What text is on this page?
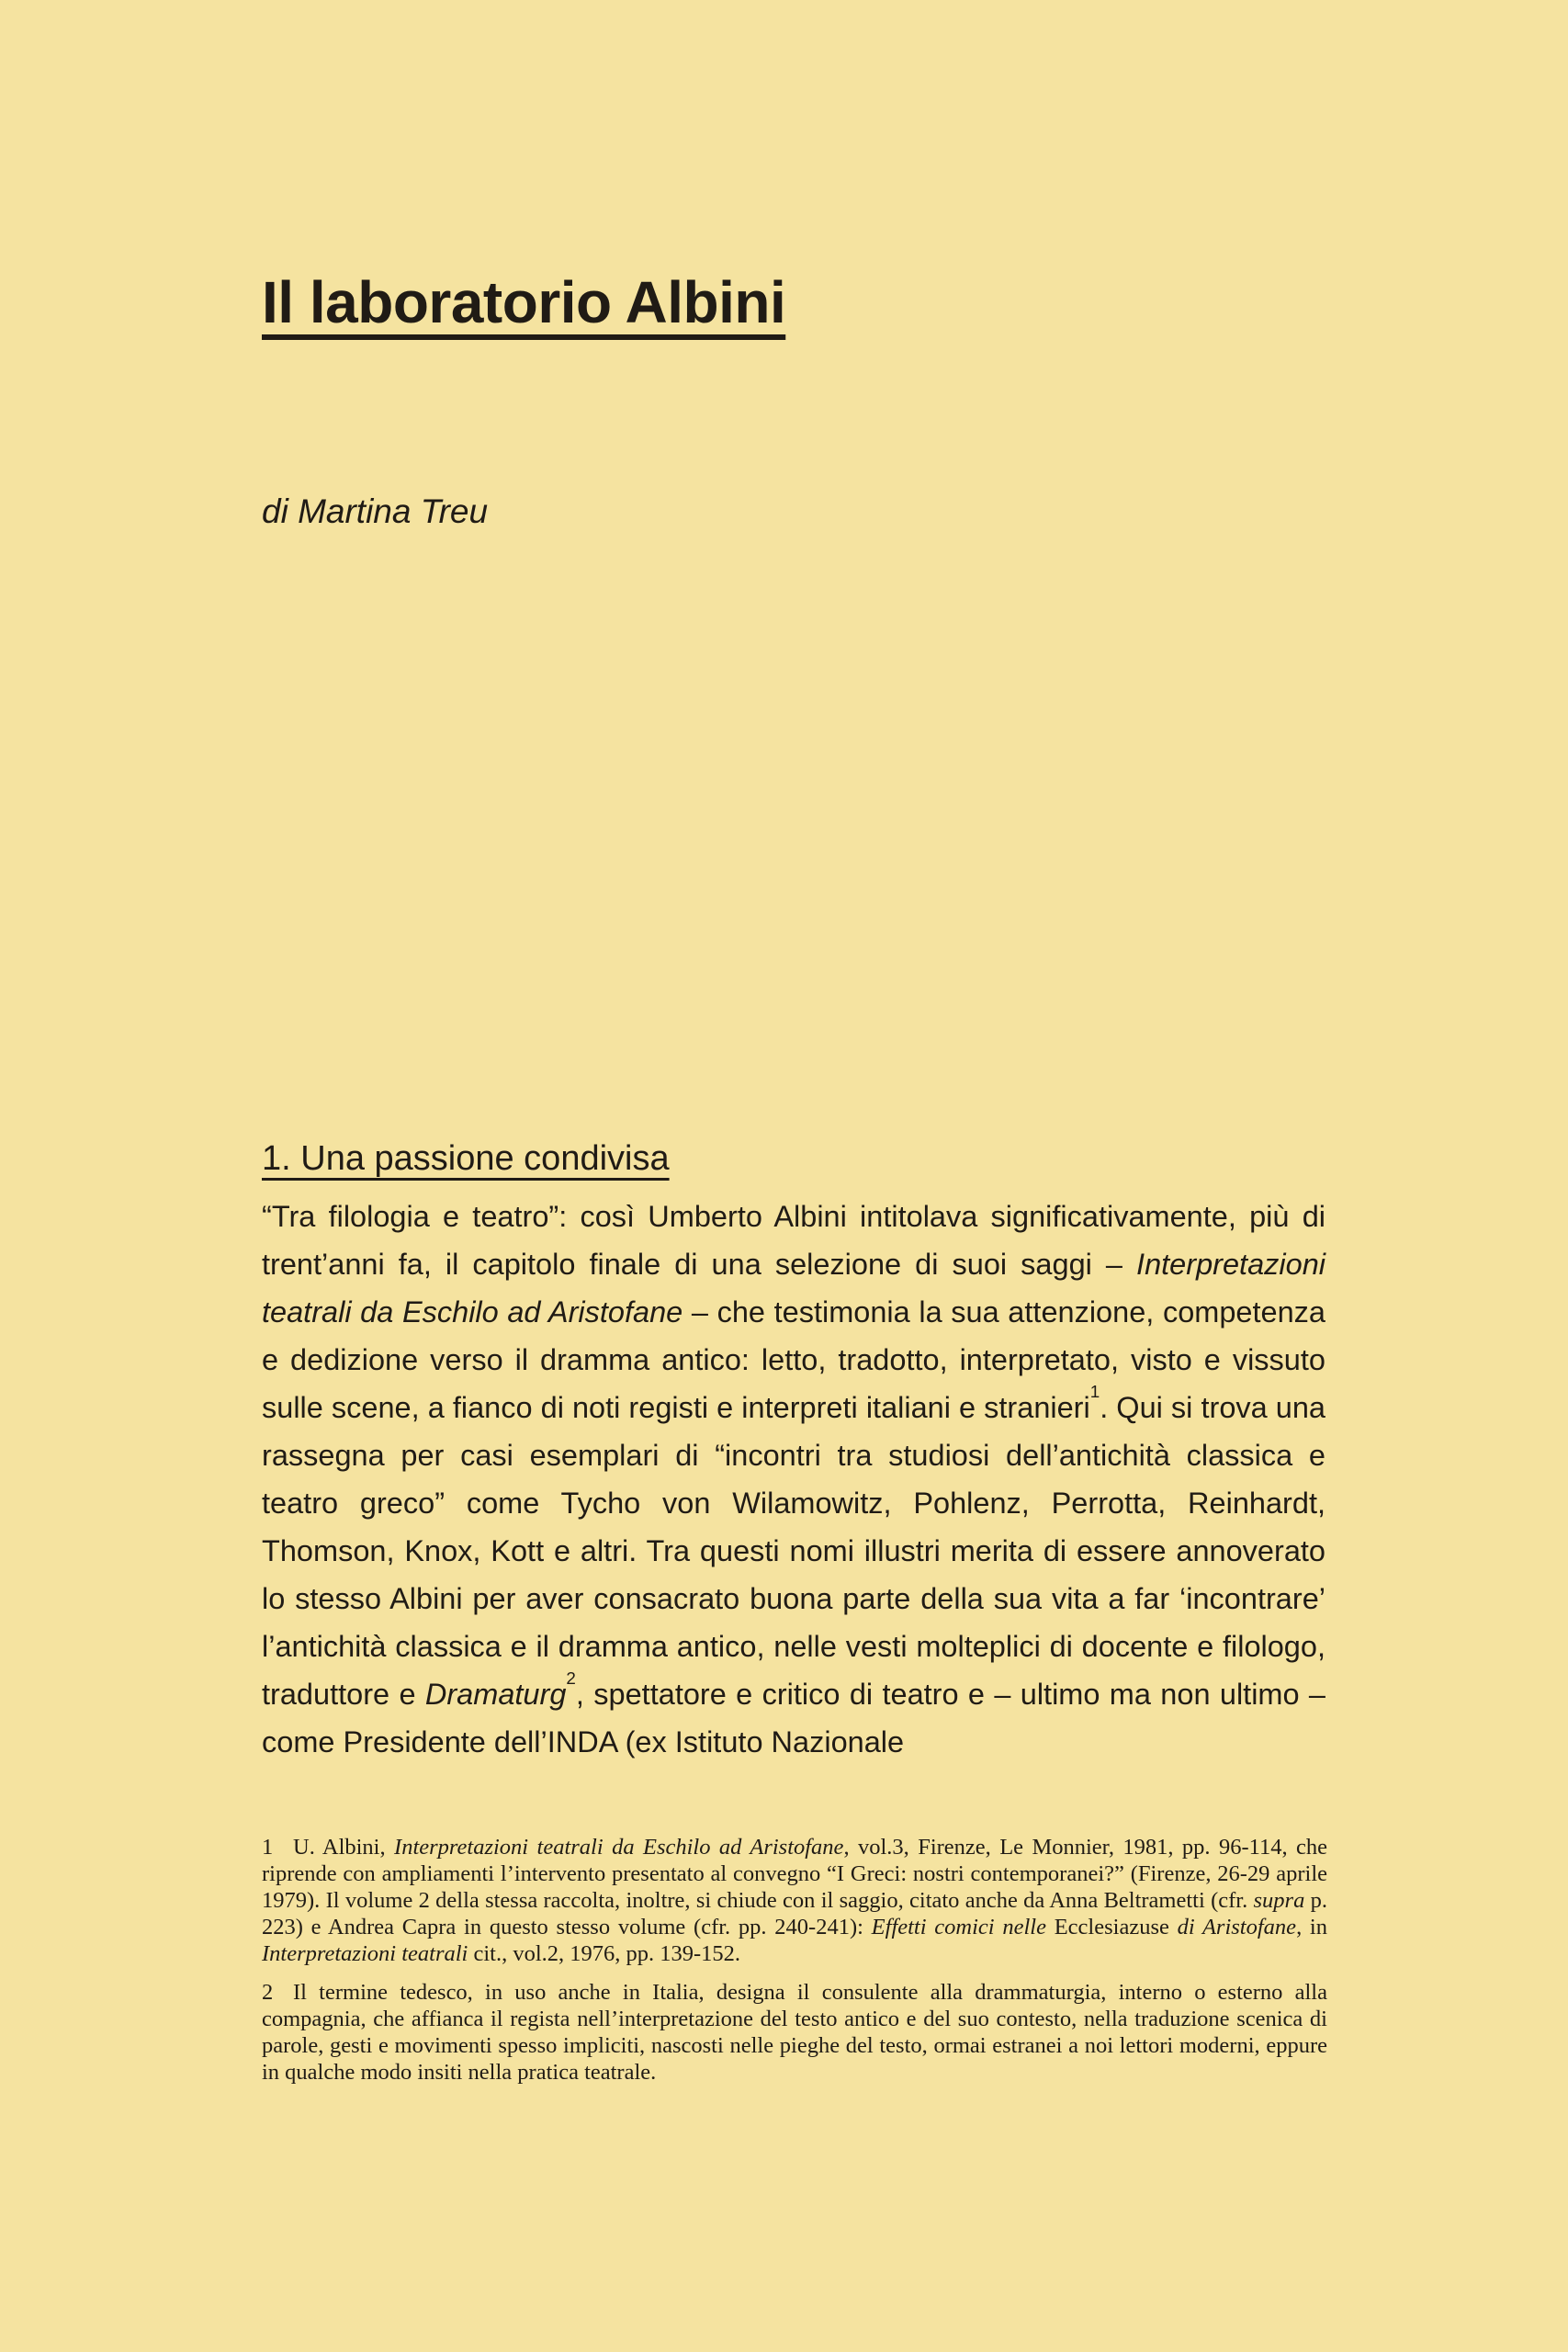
Il laboratorio Albini
di Martina Treu
1. Una passione condivisa

“Tra filologia e teatro”: così Umberto Albini intitolava significativamente, più di trent’anni fa, il capitolo finale di una selezione di suoi saggi – Interpretazioni teatrali da Eschilo ad Aristofane – che testimonia la sua attenzione, competenza e dedizione verso il dramma antico: letto, tradotto, interpretato, visto e vissuto sulle scene, a fianco di noti registi e interpreti italiani e stranieri$^1$. Qui si trova una rassegna per casi esemplari di “incontri tra studiosi dell’antichità classica e teatro greco” come Tycho von Wilamowitz, Pohlenz, Perrotta, Reinhardt, Thomson, Knox, Kott e altri. Tra questi nomi illustri merita di essere annoverato lo stesso Albini per aver consacrato buona parte della sua vita a far ‘incontrare’ l’antichità classica e il dramma antico, nelle vesti molteplici di docente e filologo, traduttore e Dramaturg$^2$, spettatore e critico di teatro e – ultimo ma non ultimo – come Presidente dell’INDA (ex Istituto Nazionale

1 U. Albini, Interpretazioni teatrali da Eschilo ad Aristofane, vol.3, Firenze, Le Monnier, 1981, pp. 96-114, che riprende con ampliamenti l’intervento presentato al convegno “I Greci: nostri contemporanei?” (Firenze, 26-29 aprile 1979). Il volume 2 della stessa raccolta, inoltre, si chiude con il saggio, citato anche da Anna Beltrametti (cfr. supra p. 223) e Andrea Capra in questo stesso volume (cfr. pp. 240-241): Effetti comici nelle Ecclesiazuse di Aristofane, in Interpretazioni teatrali cit., vol.2, 1976, pp. 139-152.

2 Il termine tedesco, in uso anche in Italia, designa il consulente alla drammaturgia, interno o esterno alla compagnia, che affianca il regista nell’interpretazione del testo antico e del suo contesto, nella traduzione scenica di parole, gesti e movimenti spesso impliciti, nascosti nelle pieghe del testo, ormai estranei a noi lettori moderni, eppure in qualche modo insiti nella pratica teatrale.
